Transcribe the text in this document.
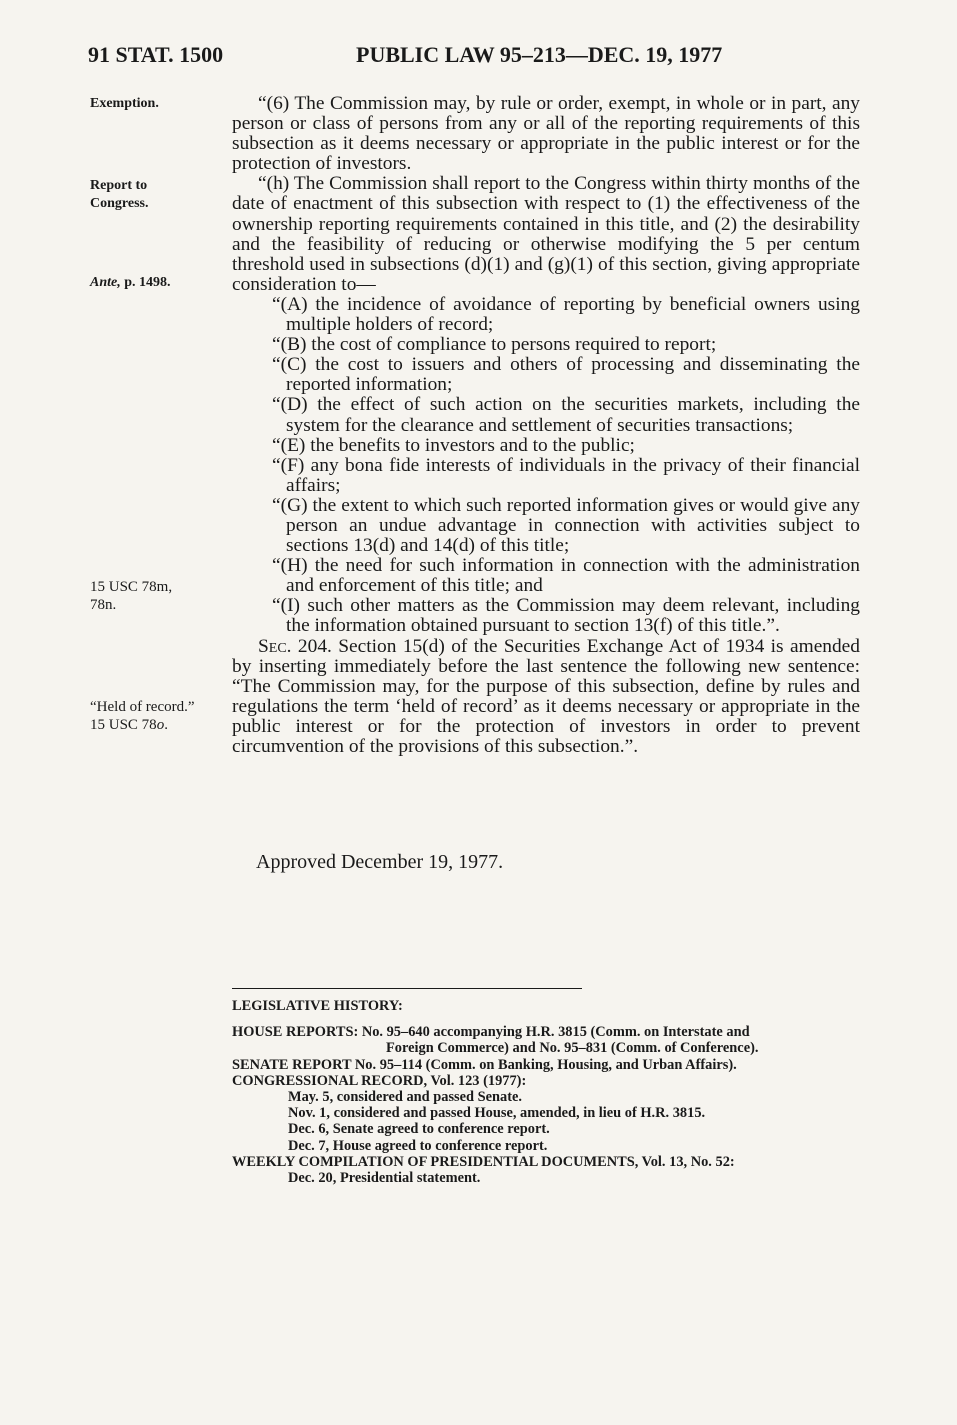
91 STAT. 1500	PUBLIC LAW 95–213—DEC. 19, 1977
Exemption.
Report to
Congress.
Ante, p. 1498.
15 USC 78m,
78n.
“Held of record.”
15 USC 78o.

“(6) The Commission may, by rule or order, exempt, in whole or in part, any person or class of persons from any or all of the reporting requirements of this subsection as it deems necessary or appropriate in the public interest or for the protection of investors.

“(h) The Commission shall report to the Congress within thirty months of the date of enactment of this subsection with respect to (1) the effectiveness of the ownership reporting requirements contained in this title, and (2) the desirability and the feasibility of reducing or otherwise modifying the 5 per centum threshold used in subsections (d)(1) and (g)(1) of this section, giving appropriate consideration to—

“(A) the incidence of avoidance of reporting by beneficial owners using multiple holders of record;

“(B) the cost of compliance to persons required to report;

“(C) the cost to issuers and others of processing and disseminating the reported information;

“(D) the effect of such action on the securities markets, including the system for the clearance and settlement of securities transactions;

“(E) the benefits to investors and to the public;

“(F) any bona fide interests of individuals in the privacy of their financial affairs;

“(G) the extent to which such reported information gives or would give any person an undue advantage in connection with activities subject to sections 13(d) and 14(d) of this title;

“(H) the need for such information in connection with the administration and enforcement of this title; and

“(I) such other matters as the Commission may deem relevant, including the information obtained pursuant to section 13(f) of this title.”.

Sec. 204. Section 15(d) of the Securities Exchange Act of 1934 is amended by inserting immediately before the last sentence the following new sentence: “The Commission may, for the purpose of this subsection, define by rules and regulations the term ‘held of record’ as it deems necessary or appropriate in the public interest or for the protection of investors in order to prevent circumvention of the provisions of this subsection.”.

Approved December 19, 1977.
LEGISLATIVE HISTORY:
HOUSE REPORTS: No. 95–640 accompanying H.R. 3815 (Comm. on Interstate and
Foreign Commerce) and No. 95–831 (Comm. of Conference).
SENATE REPORT No. 95–114 (Comm. on Banking, Housing, and Urban Affairs).
CONGRESSIONAL RECORD, Vol. 123 (1977):
May. 5, considered and passed Senate.
Nov. 1, considered and passed House, amended, in lieu of H.R. 3815.
Dec. 6, Senate agreed to conference report.
Dec. 7, House agreed to conference report.
WEEKLY COMPILATION OF PRESIDENTIAL DOCUMENTS, Vol. 13, No. 52:
Dec. 20, Presidential statement.
